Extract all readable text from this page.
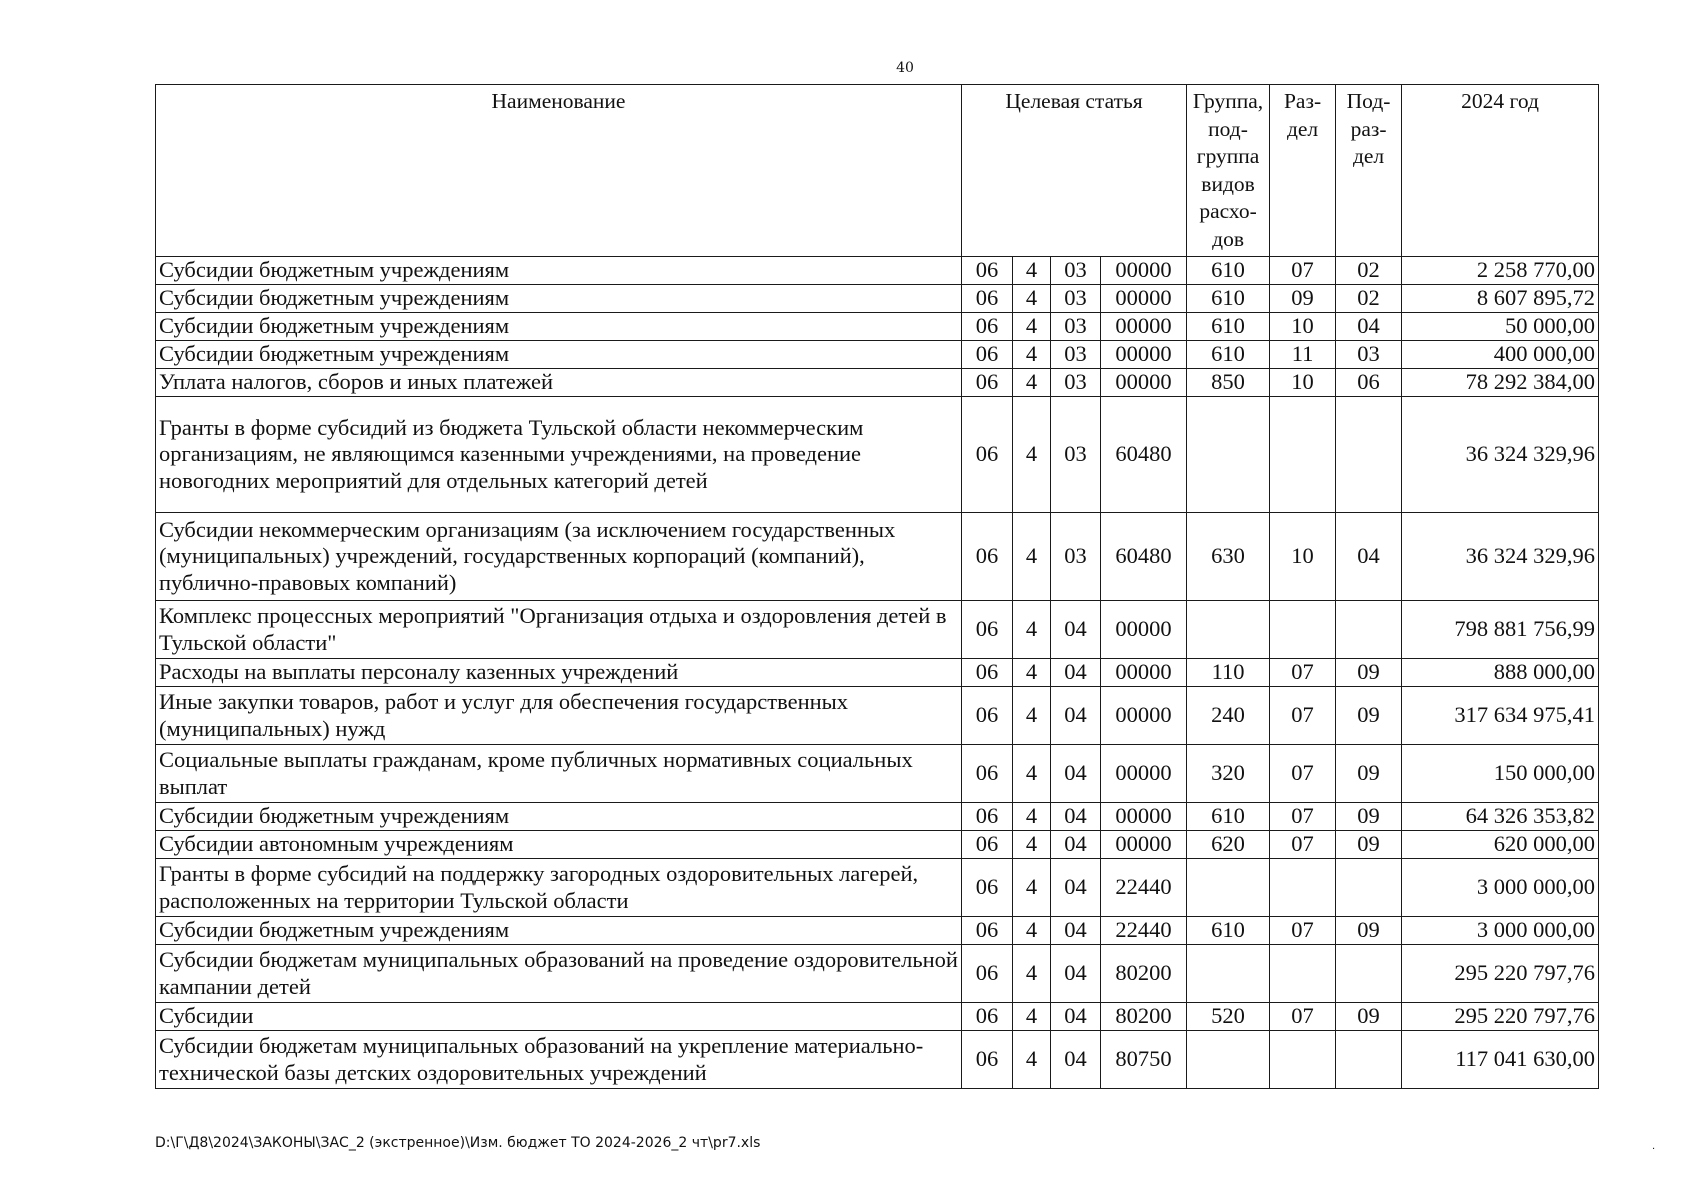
40
Наименование	Целевая статья				Группа, под- группа видов расхо- дов	Раз- дел	Под- раз- дел	2024 год
Субсидии бюджетным учреждениям	06	4	03	00000	610	07	02	2 258 770,00
Субсидии бюджетным учреждениям	06	4	03	00000	610	09	02	8 607 895,72
Субсидии бюджетным учреждениям	06	4	03	00000	610	10	04	50 000,00
Субсидии бюджетным учреждениям	06	4	03	00000	610	11	03	400 000,00
Уплата налогов, сборов и иных платежей	06	4	03	00000	850	10	06	78 292 384,00
Гранты в форме субсидий из бюджета Тульской области некоммерческим организациям, не являющимся казенными учреждениями, на проведение новогодних мероприятий для отдельных категорий детей	06	4	03	60480				36 324 329,96
Субсидии некоммерческим организациям (за исключением государственных (муниципальных) учреждений, государственных корпораций (компаний), публично-правовых компаний)	06	4	03	60480	630	10	04	36 324 329,96
Комплекс процессных мероприятий "Организация отдыха и оздоровления детей в Тульской области"	06	4	04	00000				798 881 756,99
Расходы на выплаты персоналу казенных учреждений	06	4	04	00000	110	07	09	888 000,00
Иные закупки товаров, работ и услуг для обеспечения государственных (муниципальных) нужд	06	4	04	00000	240	07	09	317 634 975,41
Социальные выплаты гражданам, кроме публичных нормативных социальных выплат	06	4	04	00000	320	07	09	150 000,00
Субсидии бюджетным учреждениям	06	4	04	00000	610	07	09	64 326 353,82
Субсидии автономным учреждениям	06	4	04	00000	620	07	09	620 000,00
Гранты в форме субсидий на поддержку загородных оздоровительных лагерей, расположенных на территории Тульской области	06	4	04	22440				3 000 000,00
Субсидии бюджетным учреждениям	06	4	04	22440	610	07	09	3 000 000,00
Субсидии бюджетам муниципальных образований на проведение оздоровительной кампании детей	06	4	04	80200				295 220 797,76
Субсидии	06	4	04	80200	520	07	09	295 220 797,76
Субсидии бюджетам муниципальных образований на укрепление материально-технической базы детских оздоровительных учреждений	06	4	04	80750				117 041 630,00
D:\Г\Д8\2024\ЗАКОНЫ\ЗАС_2 (экстренное)\Изм. бюджет ТО 2024-2026_2 чт\pr7.xls	·
